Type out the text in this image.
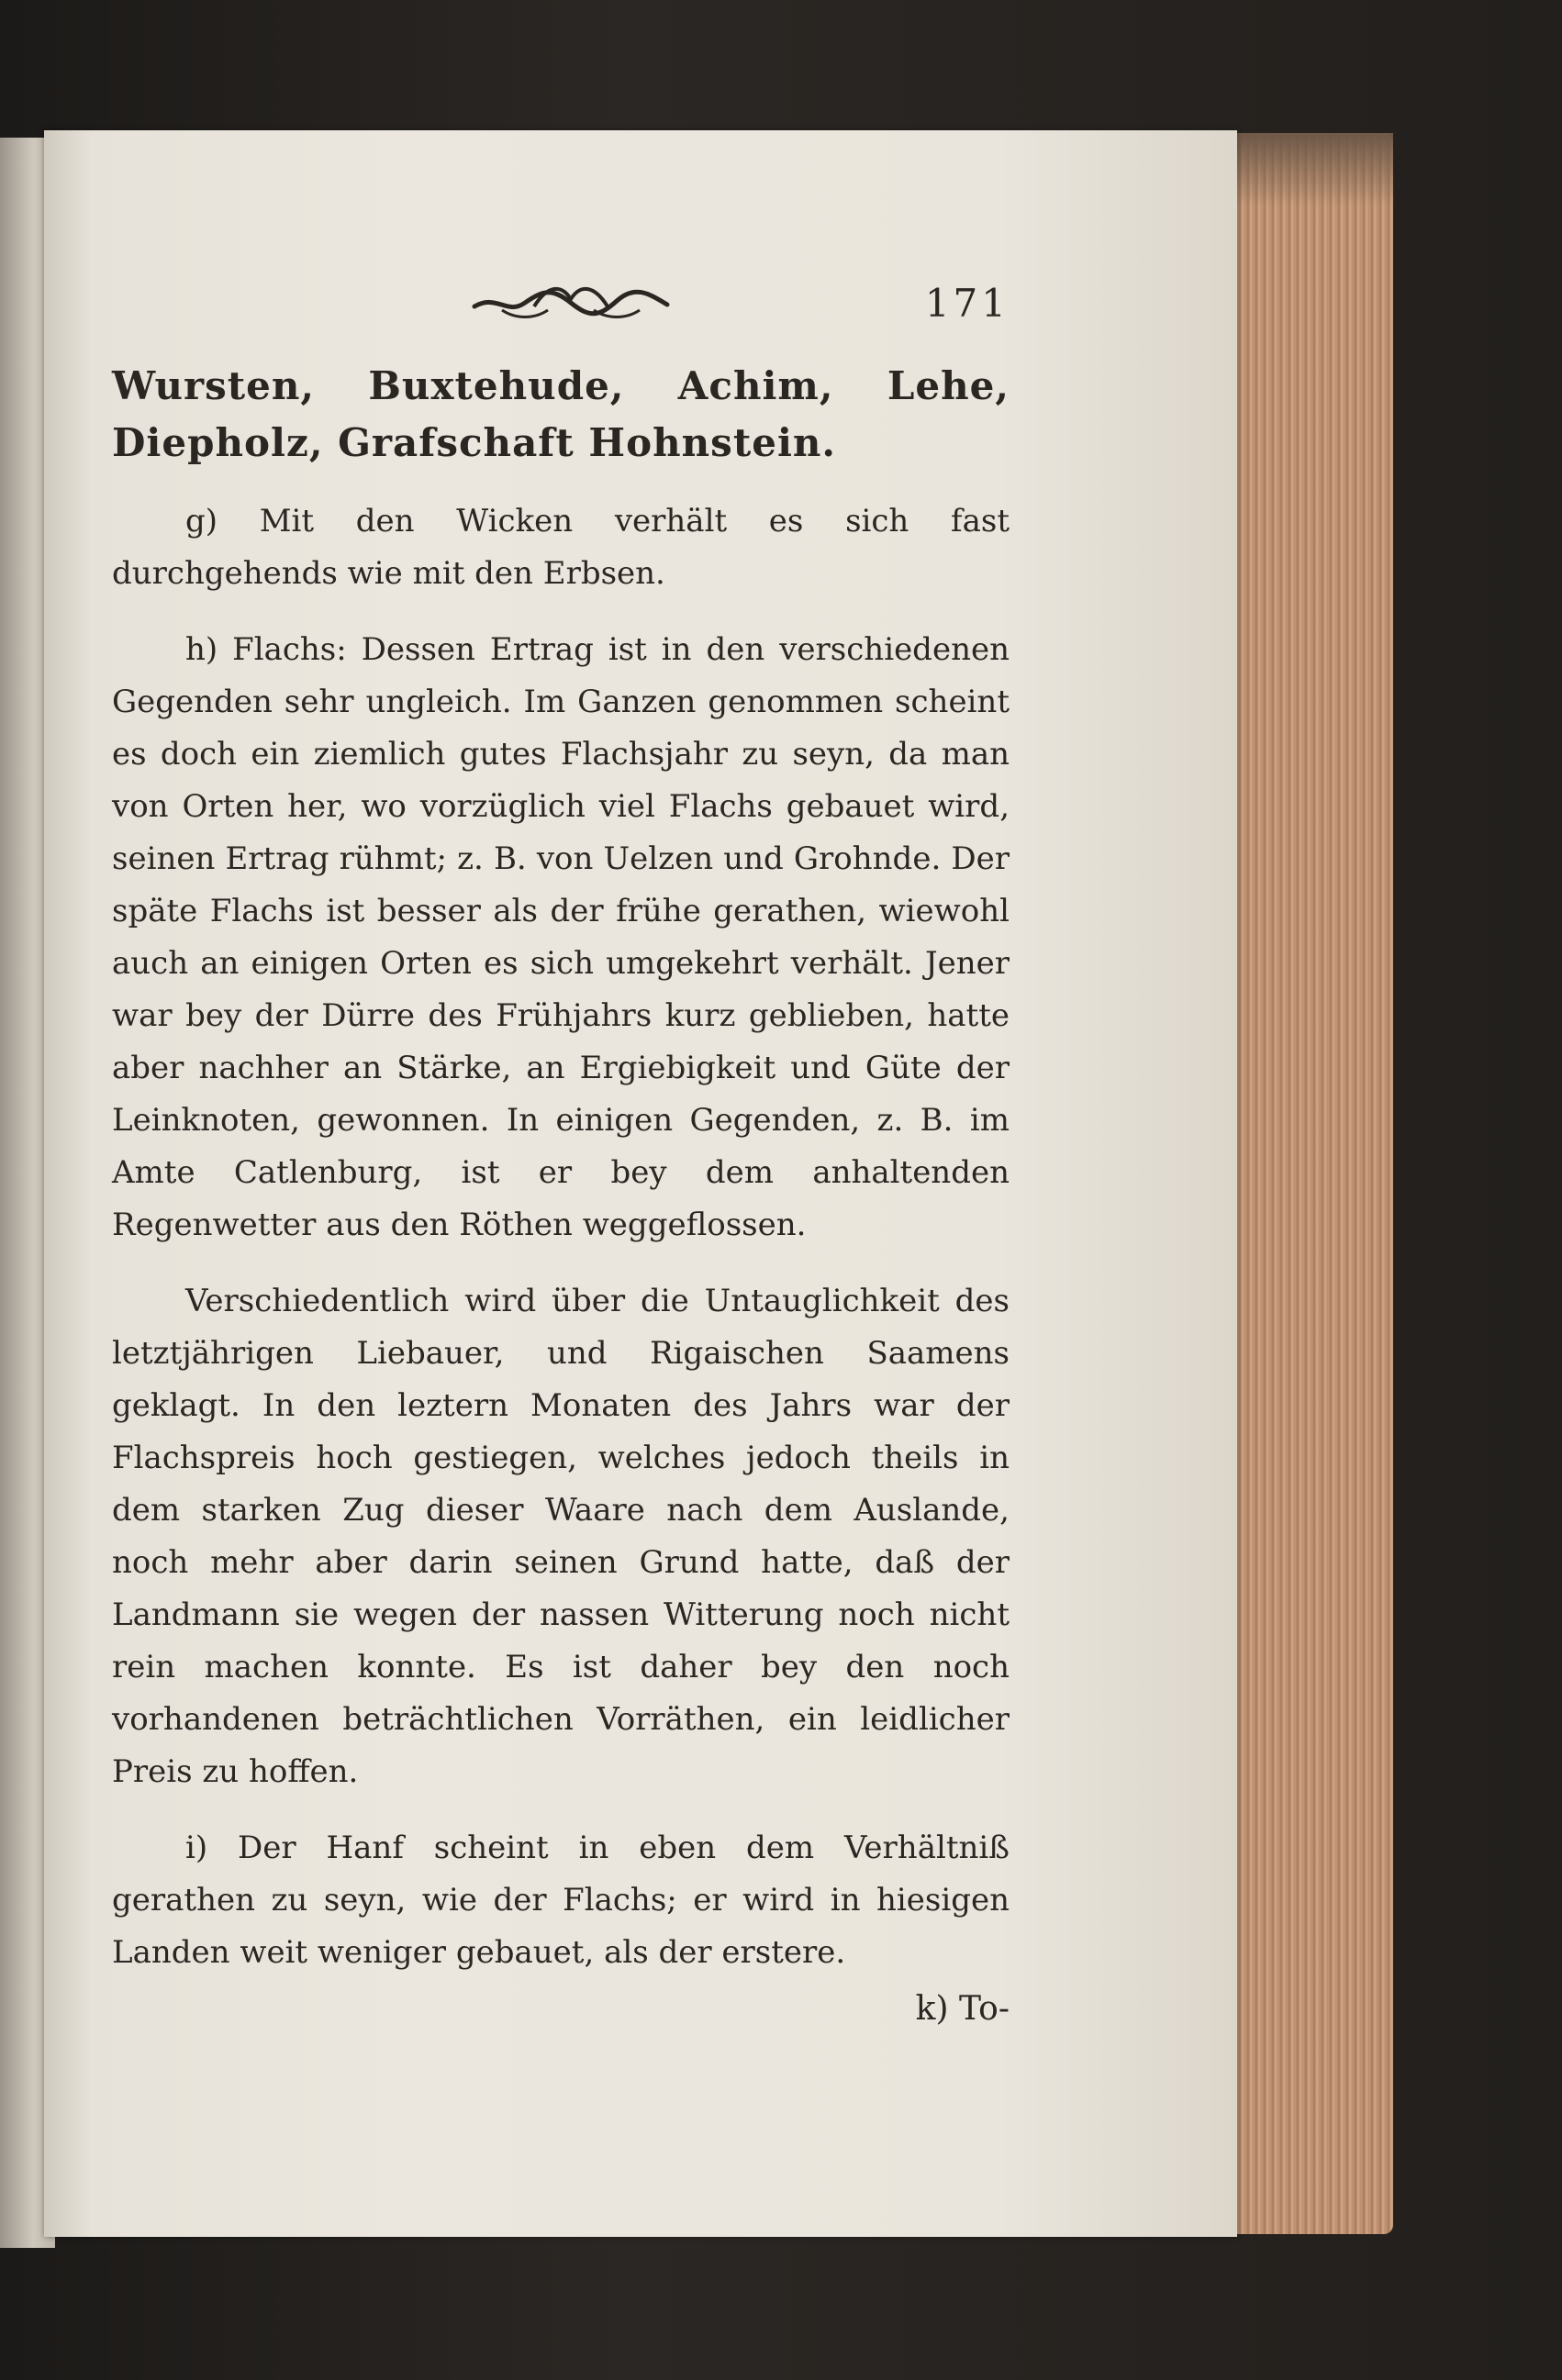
171

Wursten, Buxtehude, Achim, Lehe, Diepholz, Grafschaft Hohnstein.

g) Mit den Wicken verhält es sich fast durchgehends wie mit den Erbsen.

h) Flachs: Dessen Ertrag ist in den verschiedenen Gegenden sehr ungleich. Im Ganzen genommen scheint es doch ein ziemlich gutes Flachsjahr zu seyn, da man von Orten her, wo vorzüglich viel Flachs gebauet wird, seinen Ertrag rühmt; z. B. von Uelzen und Grohnde. Der späte Flachs ist besser als der frühe gerathen, wiewohl auch an einigen Orten es sich umgekehrt verhält. Jener war bey der Dürre des Frühjahrs kurz geblieben, hatte aber nachher an Stärke, an Ergiebigkeit und Güte der Leinknoten, gewonnen. In einigen Gegenden, z. B. im Amte Catlenburg, ist er bey dem anhaltenden Regenwetter aus den Röthen weggeflossen.

Verschiedentlich wird über die Untauglichkeit des letztjährigen Liebauer, und Rigaischen Saamens geklagt. In den leztern Monaten des Jahrs war der Flachspreis hoch gestiegen, welches jedoch theils in dem starken Zug dieser Waare nach dem Auslande, noch mehr aber darin seinen Grund hatte, daß der Landmann sie wegen der nassen Witterung noch nicht rein machen konnte. Es ist daher bey den noch vorhandenen beträchtlichen Vorräthen, ein leidlicher Preis zu hoffen.

i) Der Hanf scheint in eben dem Verhältniß gerathen zu seyn, wie der Flachs; er wird in hiesigen Landen weit weniger gebauet, als der erstere.

k) To-
